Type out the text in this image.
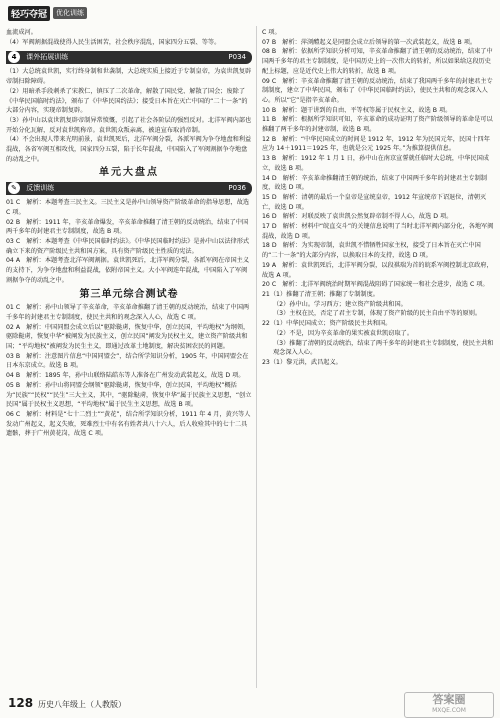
轻巧夺冠	优化训练

血流成河。

（4）军阀割据混战使得人民生活困苦，社会秩序混乱，国家四分五裂、等等。

4 课外拓展训练	P034

（1）大总统袁世凯，实行终身制和世袭制，大总统实质上接近于专制皇帝，为袁世凯复辟帝制扫除障碍。

（2）用暗杀手段刺杀了宋教仁，镇压了二次革命，解散了国民党、解散了国会；废除了《中华民国临时约法》，颁布了《中华民国约法》；接受日本旨在灭亡中国的“二十一条”的大部分内容，实现帝制复辟。

（3）孙中山以袁世凯复辟帝制异常愤慨，引起了社会各阶层的强烈反对。北洋军阀内部也开始分化瓦解，反对袁世凯称帝。袁世凯众叛亲离，被迫宣布取消帝制。

（4）不会出现人带来光明前景，袁世凯死后，北洋军阀分裂，各派军阀为争夺地盘和利益混战，各省军阀互相攻伐，国家四分五裂，陷于长年混战，中国陷入了军阀割据争夺地盘的动乱之中。

单元大盘点
✎ 反馈训练	P036

01 C　解析：本题考查三民主义。三民主义是孙中山领导资产阶级革命的指导思想，故选 C 项。

02 B　解析：1911 年，辛亥革命爆发，辛亥革命推翻了清王朝的反动统治，结束了中国两千多年的封建君主专制制度，故选 B 项。

03 C　解析：本题考查《中华民国临时约法》。《中华民国临时约法》是孙中山以法律形式确立下来的资产阶级民主共和国方案，具有资产阶级民主性质的宪法。

04 A　解析：本题考查北洋军阀割据。袁世凯死后，北洋军阀分裂，各派军阀在帝国主义的支持下，为争夺地盘和利益混战，依附帝国主义。大小军阀连年混战，中国陷入了军阀割据争夺的动乱之中。

第三单元综合测试卷

01 C　解析：孙中山领导了辛亥革命，辛亥革命推翻了清王朝的反动统治，结束了中国两千多年的封建君主专制制度，使民主共和的观念深入人心，故选 C 项。

02 A　解析：中国同盟会成立后以“驱除鞑虏，恢复中华，创立民国，平均地权”为纲领，驱除鞑虏，恢复中华“被阐发为民族主义，创立民国”阐发为民权主义，建立资产阶级共和国；“平均地权”被阐发为民生主义，即通过改革土地制度，解决贫困农民的问题。

03 B　解析：注意图片信息“中国同盟会”，结合所学知识分析，1905 年，中国同盟会在日本东京成立。故选 B 项。

04 B　解析：1895 年，孙中山联络陆皓东等人准备在广州发动武装起义，故选 D 项。

05 B　解析：孙中山将同盟会纲领“驱除鞑虏，恢复中华，创立民国，平均地权”概括为“民族”“民权”“民生”三大主义，其中，“驱除鞑虏，恢复中华”属于民族主义思想，“创立民国”属于民权主义思想，“平均地权”属于民生主义思想，故选 B 项。

06 C　解析：材料是“七十二烈士”“黄花”，结合所学知识分析，1911 年 4 月，黄兴等人发动广州起义，起义失败，死难烈士中有名有姓者共八十六人，后人收殓其中的七十二具遗骸，葬于广州黄花岗，故选 C 项。

C 项。

07 B　解析：萍浏醴起义是同盟会成立后领导的第一次武装起义，故选 B 项。

08 B　解析：依据所学知识分析可知，辛亥革命推翻了清王朝的反动统治，结束了中国两千多年的君主专制制度，是中国历史上的一次伟大的转折，所以如果给这段历史配上标题，应是近代史上伟大的转折，故选 B 项。

09 C　解析：辛亥革命推翻了清王朝的反动统治，结束了我国两千多年的封建君主专制制度，建立了中华民国，颁布了《中华民国临时约法》，使民主共和的观念深入人心。所以“它”是指辛亥革命。

10 B　解析：题干讲到的自由、平等权等属于民权主义，故选 B 项。

11 B　解析：根据所学知识可知，辛亥革命的成功证明了资产阶级领导的革命是可以推翻了两千多年的封建帝制，故选 B 项。

12 B　解析：“中华民国成立的时间是 1912 年，1912 年为民国元年，民国十四年应为 14＋1911＝1925 年，也就是公元 1925 年。”为推算提供信息。

13 B　解析：1912 年 1 月 1 日，孙中山在南京宣誓就任临时大总统，中华民国成立，故选 B 项。

14 D　解析：辛亥革命推翻清王朝的统治，结束了中国两千多年的封建君主专制制度，故选 D 项。

15 D　解析：清朝的最后一个皇帝是宣统皇帝，1912 年宣统帝下诏退位，清朝灭亡，故选 D 项。

16 D　解析：对联反映了袁世凯公然复辟帝制不得人心，故选 D 项。

17 D　解析：材料中“皖直交斗”的关键信息说明了当时北洋军阀内部分化，各地军阀混战，故选 D 项。

18 D　解析：为实现帝制，袁世凯不惜牺牲国家主权，接受了日本旨在灭亡中国的“二十一条”的大部分内容，以换取日本的支持，故选 D 项。

19 A　解析：袁世凯死后，北洋军阀分裂，以段祺瑞为首的皖系军阀控制北京政府，故选 A 项。

20 C　解析：北洋军阀统治时期军阀混战阻碍了国家统一和社会进步，故选 C 项。

21（1）推翻了清王朝；推翻了专制制度。

（2）孙中山。学习西方；建立资产阶级共和国。

（3）主权在民，否定了君主专制，体现了资产阶级的民主自由平等的原则。

22（1）中华民国成立；资产阶级民主共和国。

（2）不是，因为辛亥革命的果实被袁世凯窃取了。

（3）推翻了清朝的反动统治，结束了两千多年的封建君主专制制度，使民主共和观念深入人心。

23（1）黎元洪，武昌起义。

128 历史八年级上（人教版）	答案圈
MXQE.COM
